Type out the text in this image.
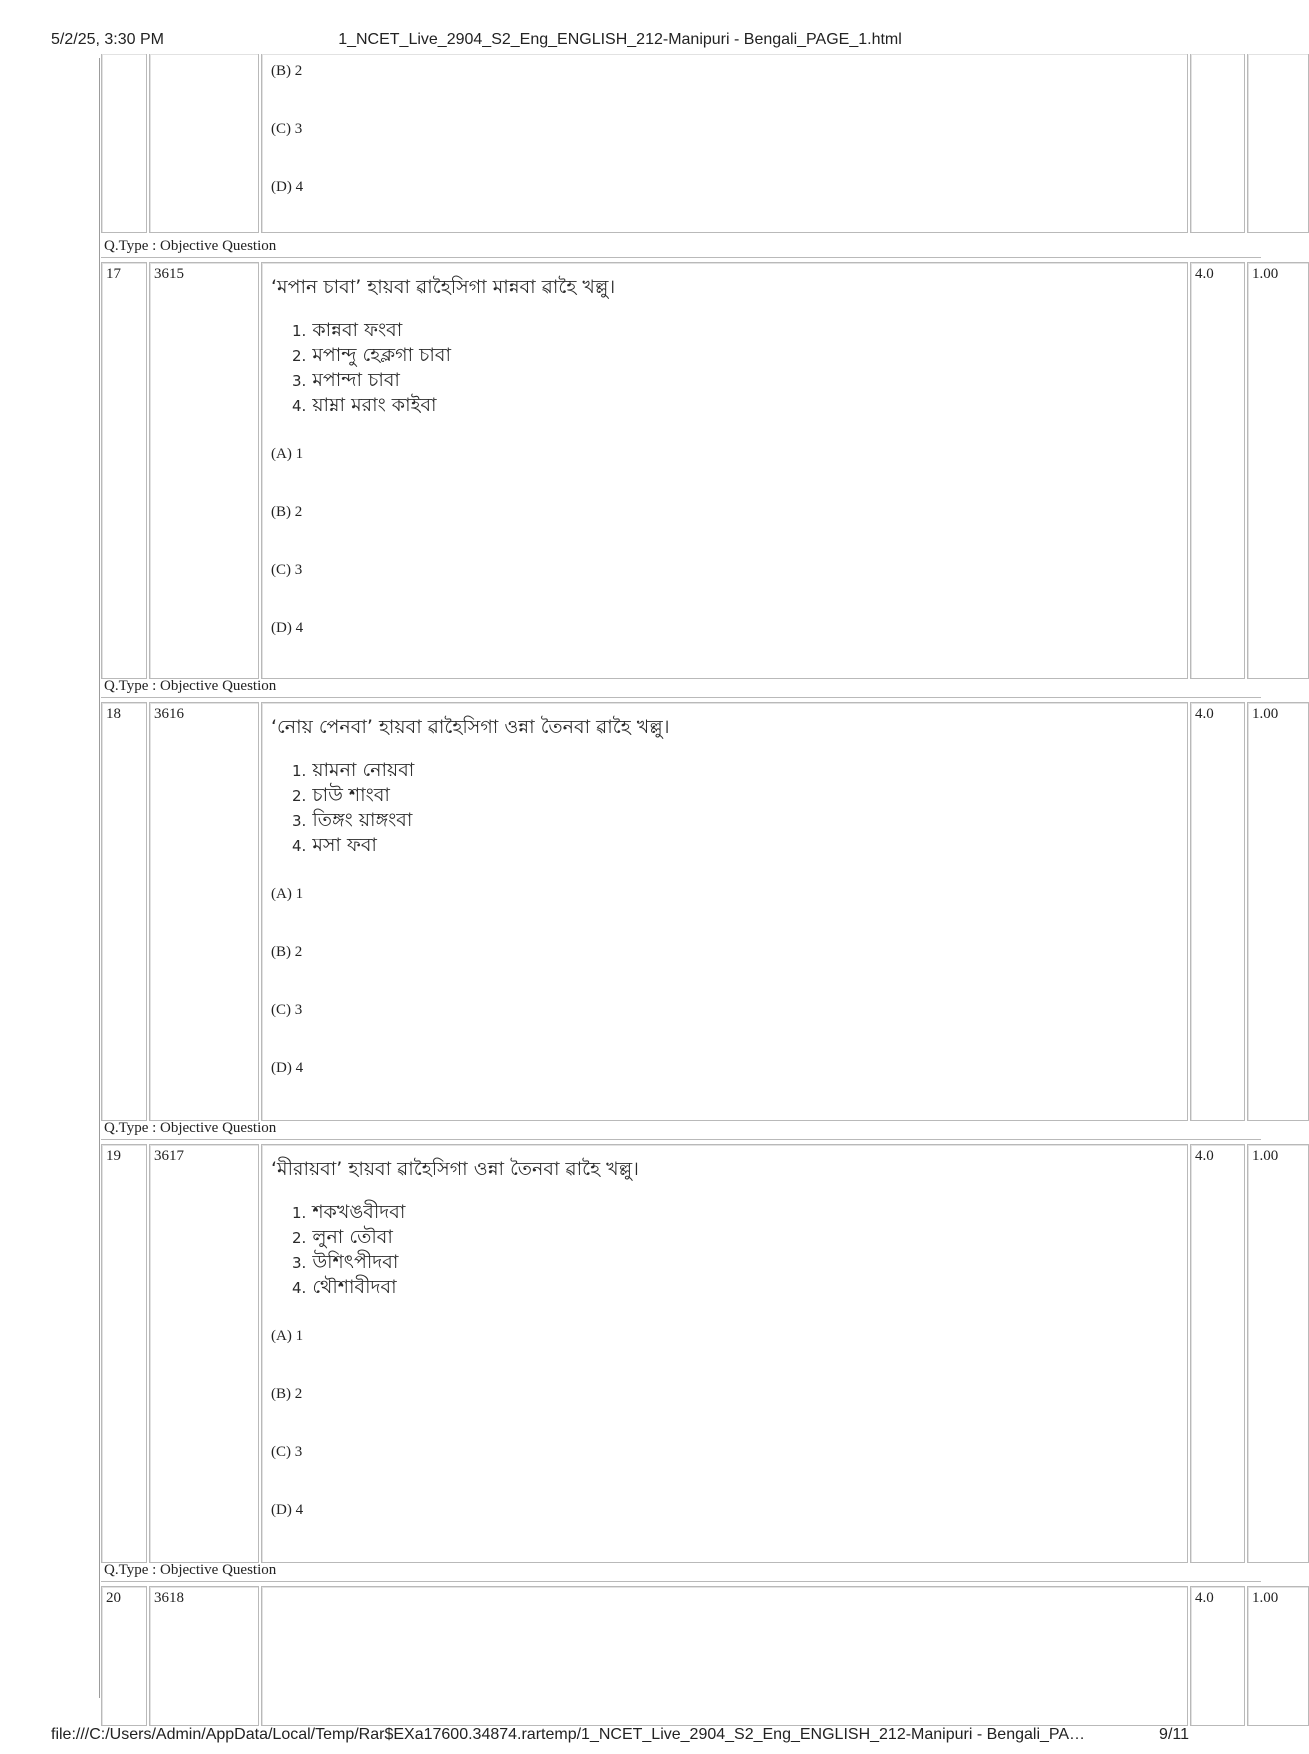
5/2/25, 3:30 PM	1_NCET_Live_2904_S2_Eng_ENGLISH_212-Manipuri - Bengali_PAGE_1.html
(B) 2
(C) 3
(D) 4
Q.Type : Objective Question
17 3615
‘মপান চাবা’ হায়বা ৱাহৈসিগা মান্নবা ৱাহৈ খল্লু।
1. কান্নবা ফংবা
2. মপান্দু হেক্লগা চাবা
3. মপান্দা চাবা
4. য়াম্না মরাং কাইবা
(A) 1
(B) 2
(C) 3
(D) 4
4.0	1.00
Q.Type : Objective Question
18 3616
‘নোয় পেনবা’ হায়বা ৱাহৈসিগা ওন্না তৈনবা ৱাহৈ খল্লু।
1. য়ামনা নোয়বা
2. চাউ শাংবা
3. তিঙ্গং য়াঙ্গংবা
4. মসা ফবা
(A) 1
(B) 2
(C) 3
(D) 4
4.0	1.00
Q.Type : Objective Question
19 3617
‘মীরায়বা’ হায়বা ৱাহৈসিগা ওন্না তৈনবা ৱাহৈ খল্লু।
1. শকখঙবীদবা
2. লুনা তৌবা
3. উশিৎপীদবা
4. থৌশাবীদবা
(A) 1
(B) 2
(C) 3
(D) 4
4.0	1.00
Q.Type : Objective Question
20 3618	4.0	1.00
file:///C:/Users/Admin/AppData/Local/Temp/Rar$EXa17600.34874.rartemp/1_NCET_Live_2904_S2_Eng_ENGLISH_212-Manipuri - Bengali_PA…	9/11
